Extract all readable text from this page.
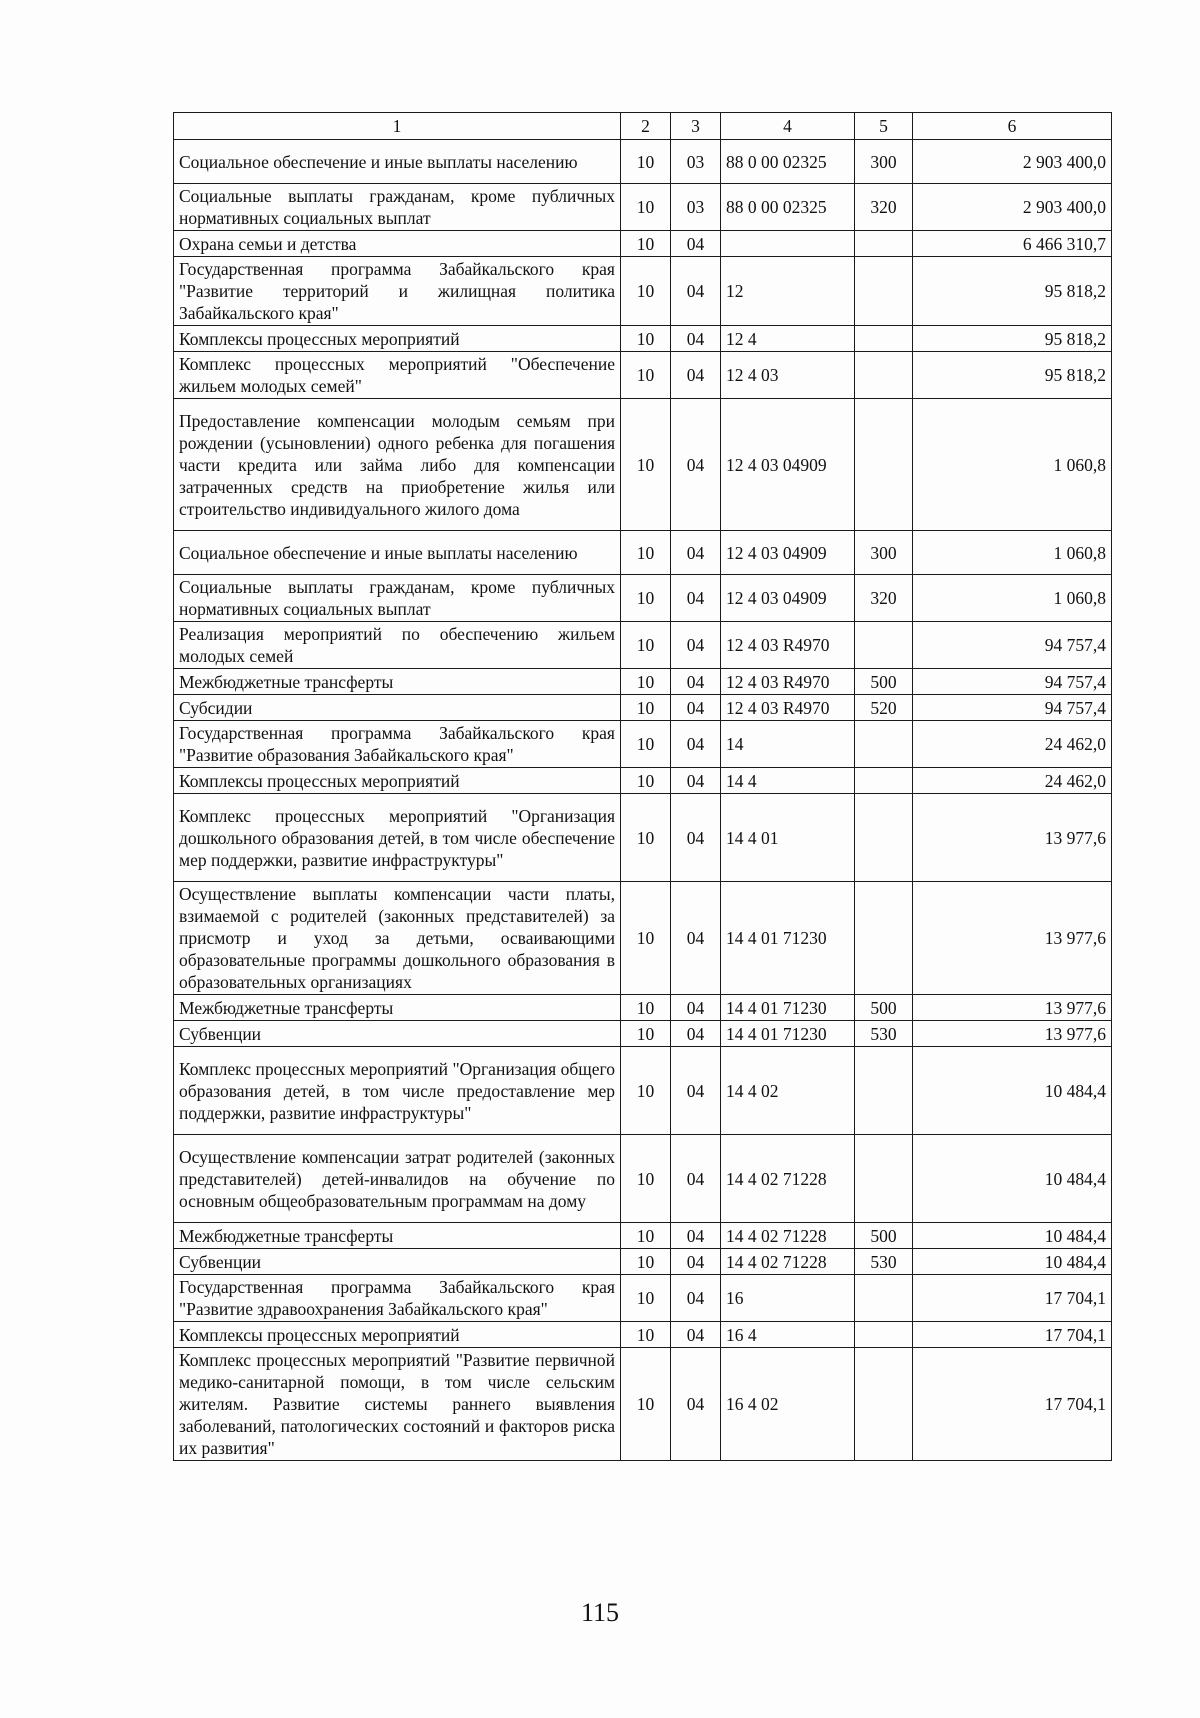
1	2	3	4	5	6
Социальное обеспечение и иные выплаты населению	10	03	88 0 00 02325	300	2 903 400,0
Социальные выплаты гражданам, кроме публичных нормативных социальных выплат	10	03	88 0 00 02325	320	2 903 400,0
Охрана семьи и детства	10	04			6 466 310,7
Государственная программа Забайкальского края "Развитие территорий и жилищная политика Забайкальского края"	10	04	12		95 818,2
Комплексы процессных мероприятий	10	04	12 4		95 818,2
Комплекс процессных мероприятий "Обеспечение жильем молодых семей"	10	04	12 4 03		95 818,2
Предоставление компенсации молодым семьям при рождении (усыновлении) одного ребенка для погашения части кредита или займа либо для компенсации затраченных средств на приобретение жилья или строительство индивидуального жилого дома	10	04	12 4 03 04909		1 060,8
Социальное обеспечение и иные выплаты населению	10	04	12 4 03 04909	300	1 060,8
Социальные выплаты гражданам, кроме публичных нормативных социальных выплат	10	04	12 4 03 04909	320	1 060,8
Реализация мероприятий по обеспечению жильем молодых семей	10	04	12 4 03 R4970		94 757,4
Межбюджетные трансферты	10	04	12 4 03 R4970	500	94 757,4
Субсидии	10	04	12 4 03 R4970	520	94 757,4
Государственная программа Забайкальского края "Развитие образования Забайкальского края"	10	04	14		24 462,0
Комплексы процессных мероприятий	10	04	14 4		24 462,0
Комплекс процессных мероприятий "Организация дошкольного образования детей, в том числе обеспечение мер поддержки, развитие инфраструктуры"	10	04	14 4 01		13 977,6
Осуществление выплаты компенсации части платы, взимаемой с родителей (законных представителей) за присмотр и уход за детьми, осваивающими образовательные программы дошкольного образования в образовательных организациях	10	04	14 4 01 71230		13 977,6
Межбюджетные трансферты	10	04	14 4 01 71230	500	13 977,6
Субвенции	10	04	14 4 01 71230	530	13 977,6
Комплекс процессных мероприятий "Организация общего образования детей, в том числе предоставление мер поддержки, развитие инфраструктуры"	10	04	14 4 02		10 484,4
Осуществление компенсации затрат родителей (законных представителей) детей-инвалидов на обучение по основным общеобразовательным программам на дому	10	04	14 4 02 71228		10 484,4
Межбюджетные трансферты	10	04	14 4 02 71228	500	10 484,4
Субвенции	10	04	14 4 02 71228	530	10 484,4
Государственная программа Забайкальского края "Развитие здравоохранения Забайкальского края"	10	04	16		17 704,1
Комплексы процессных мероприятий	10	04	16 4		17 704,1
Комплекс процессных мероприятий "Развитие первичной медико-санитарной помощи, в том числе сельским жителям. Развитие системы раннего выявления заболеваний, патологических состояний и факторов риска их развития"	10	04	16 4 02		17 704,1
115
